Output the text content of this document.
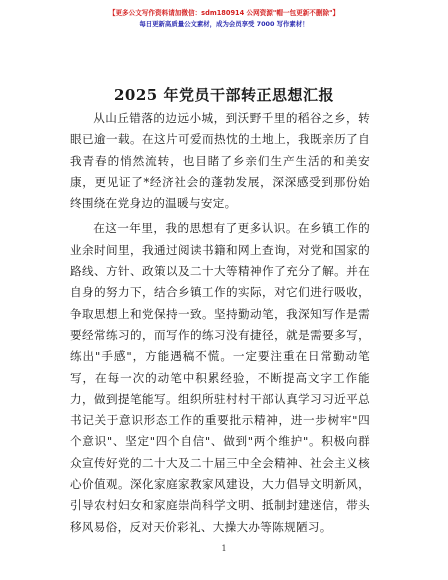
【更多公文写作资料请加微信：sdm180914 公网资源"帽一包更新不删除"】
每日更新高质量公文素材，成为会员享受 7000 写作素材！
2025 年党员干部转正思想汇报

从山丘错落的边远小城，到沃野千里的稻谷之乡，转眼已逾一载。在这片可爱而热忱的土地上，我既亲历了自我青春的悄然流转，也目睹了乡亲们生产生活的和美安康，更见证了*经济社会的蓬勃发展，深深感受到那份始终围绕在党身边的温暖与安定。

在这一年里，我的思想有了更多认识。在乡镇工作的业余时间里，我通过阅读书籍和网上查询，对党和国家的路线、方针、政策以及二十大等精神作了充分了解。并在自身的努力下，结合乡镇工作的实际，对它们进行吸收，争取思想上和党保持一致。坚持勤动笔，我深知写作是需要经常练习的，而写作的练习没有捷径，就是需要多写，练出"手感"，方能遇稿不慌。一定要注重在日常勤动笔写，在每一次的动笔中积累经验，不断提高文字工作能力，做到提笔能写。组织所驻村村干部认真学习习近平总书记关于意识形态工作的重要批示精神，进一步树牢"四个意识"、坚定"四个自信"、做到"两个维护"。积极向群众宣传好党的二十大及二十届三中全会精神、社会主义核心价值观。深化家庭家教家风建设，大力倡导文明新风，引导农村妇女和家庭崇尚科学文明、抵制封建迷信，带头移风易俗，反对天价彩礼、大操大办等陈规陋习。

1
